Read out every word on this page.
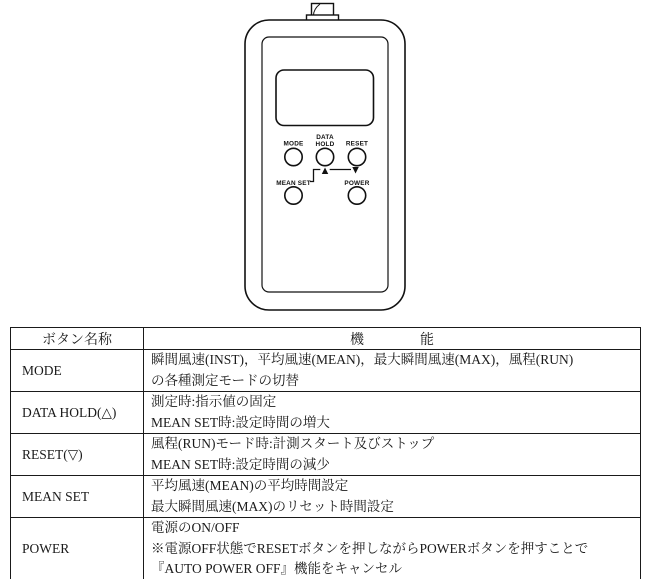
▲	▼
MODE
DATA
HOLD RESET
MEAN SET	POWER
ボタン名称	機　　　　能
MODE	瞬間風速(INST)，平均風速(MEAN)，最大瞬間風速(MAX)，風程(RUN)
の各種測定モードの切替

DATA HOLD(△)	測定時:指示値の固定
MEAN SET時:設定時間の増大

RESET(▽)	風程(RUN)モード時:計測スタート及びストップ
MEAN SET時:設定時間の減少

MEAN SET	平均風速(MEAN)の平均時間設定
最大瞬間風速(MAX)のリセット時間設定

POWER	電源のON/OFF
※電源OFF状態でRESETボタンを押しながらPOWERボタンを押すことで
『AUTO POWER OFF』機能をキャンセル
